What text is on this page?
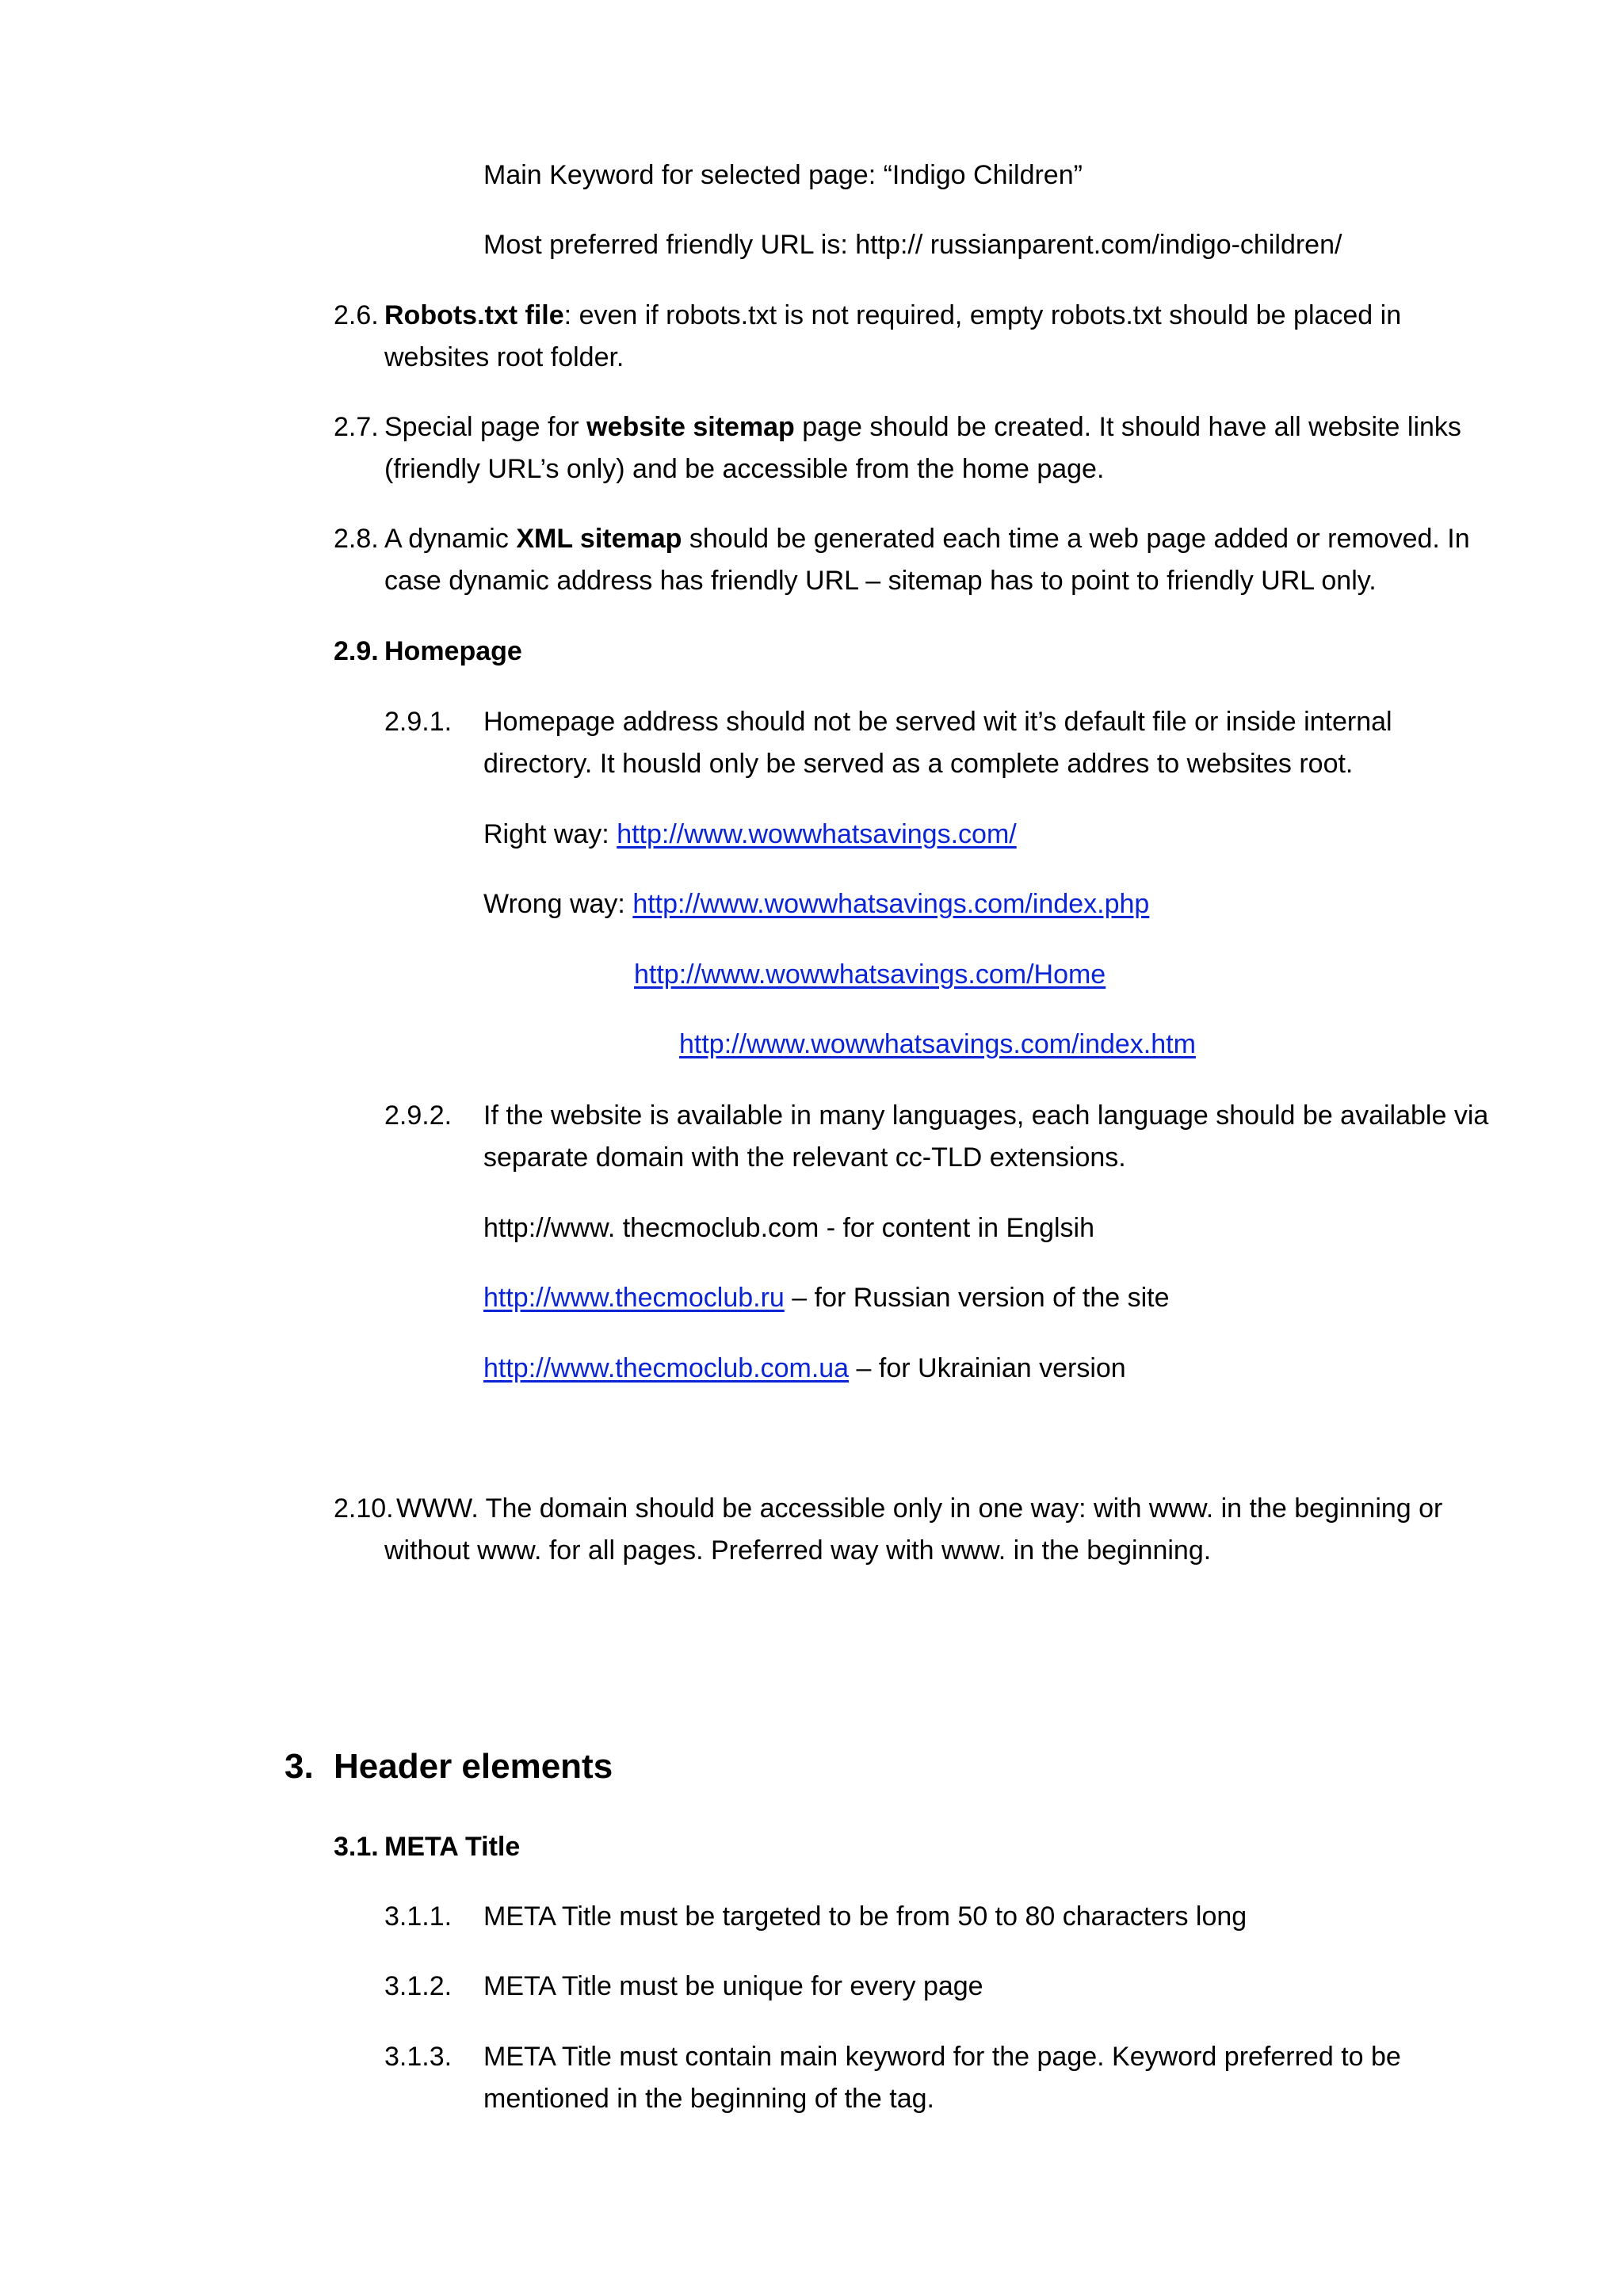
Main Keyword for selected page: “Indigo Children”
Most preferred friendly URL is: http:// russianparent.com/indigo-children/
2.6. Robots.txt file: even if robots.txt is not required, empty robots.txt should be placed in
websites root folder.
2.7. Special page for website sitemap page should be created. It should have all website links
(friendly URL’s only) and be accessible from the home page.
2.8. A dynamic XML sitemap should be generated each time a web page added or removed. In
case dynamic address has friendly URL – sitemap has to point to friendly URL only.
2.9. Homepage
2.9.1. Homepage address should not be served wit it’s default file or inside internal
directory. It housld only be served as a complete addres to websites root.
Right way: http://www.wowwhatsavings.com/
Wrong way: http://www.wowwhatsavings.com/index.php
http://www.wowwhatsavings.com/Home
http://www.wowwhatsavings.com/index.htm
2.9.2. If the website is available in many languages, each language should be available via
separate domain with the relevant cc-TLD extensions.
http://www. thecmoclub.com - for content in Englsih
http://www.thecmoclub.ru – for Russian version of the site
http://www.thecmoclub.com.ua – for Ukrainian version
2.10. WWW. The domain should be accessible only in one way: with www. in the beginning or
without www. for all pages. Preferred way with www. in the beginning.
3. Header elements
3.1. META Title
3.1.1. META Title must be targeted to be from 50 to 80 characters long
3.1.2. META Title must be unique for every page
3.1.3. META Title must contain main keyword for the page. Keyword preferred to be
mentioned in the beginning of the tag.
